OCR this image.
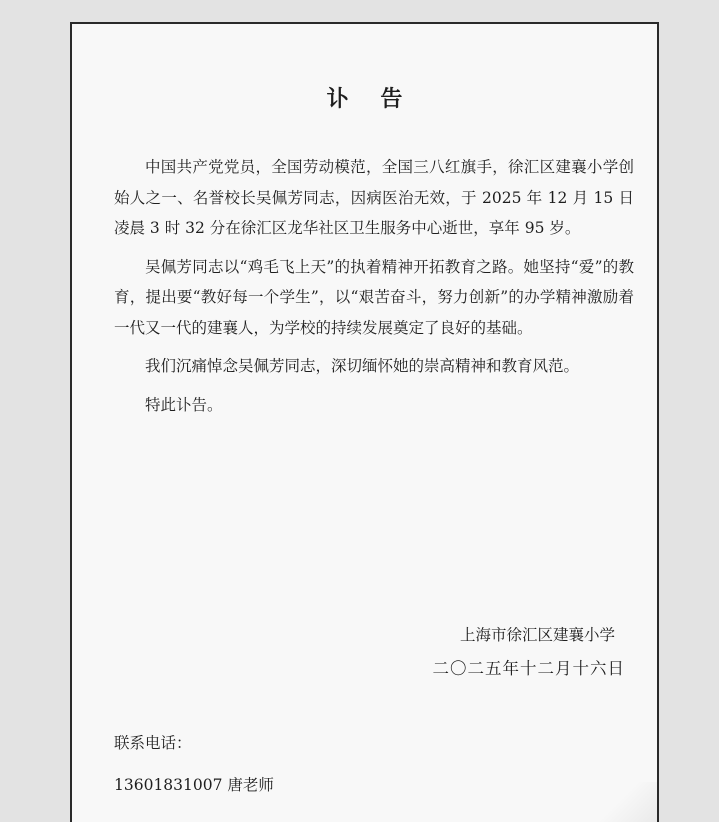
讣 告

中国共产党党员，全国劳动模范，全国三八红旗手，徐汇区建襄小学创始人之一、名誉校长吴佩芳同志，因病医治无效，于 2025 年 12 月 15 日凌晨 3 时 32 分在徐汇区龙华社区卫生服务中心逝世，享年 95 岁。

吴佩芳同志以“鸡毛飞上天”的执着精神开拓教育之路。她坚持“爱”的教育，提出要“教好每一个学生”，以“艰苦奋斗，努力创新”的办学精神激励着一代又一代的建襄人，为学校的持续发展奠定了良好的基础。

我们沉痛悼念吴佩芳同志，深切缅怀她的崇高精神和教育风范。

特此讣告。

上海市徐汇区建襄小学
二〇二五年十二月十六日
联系电话：
13601831007 唐老师
